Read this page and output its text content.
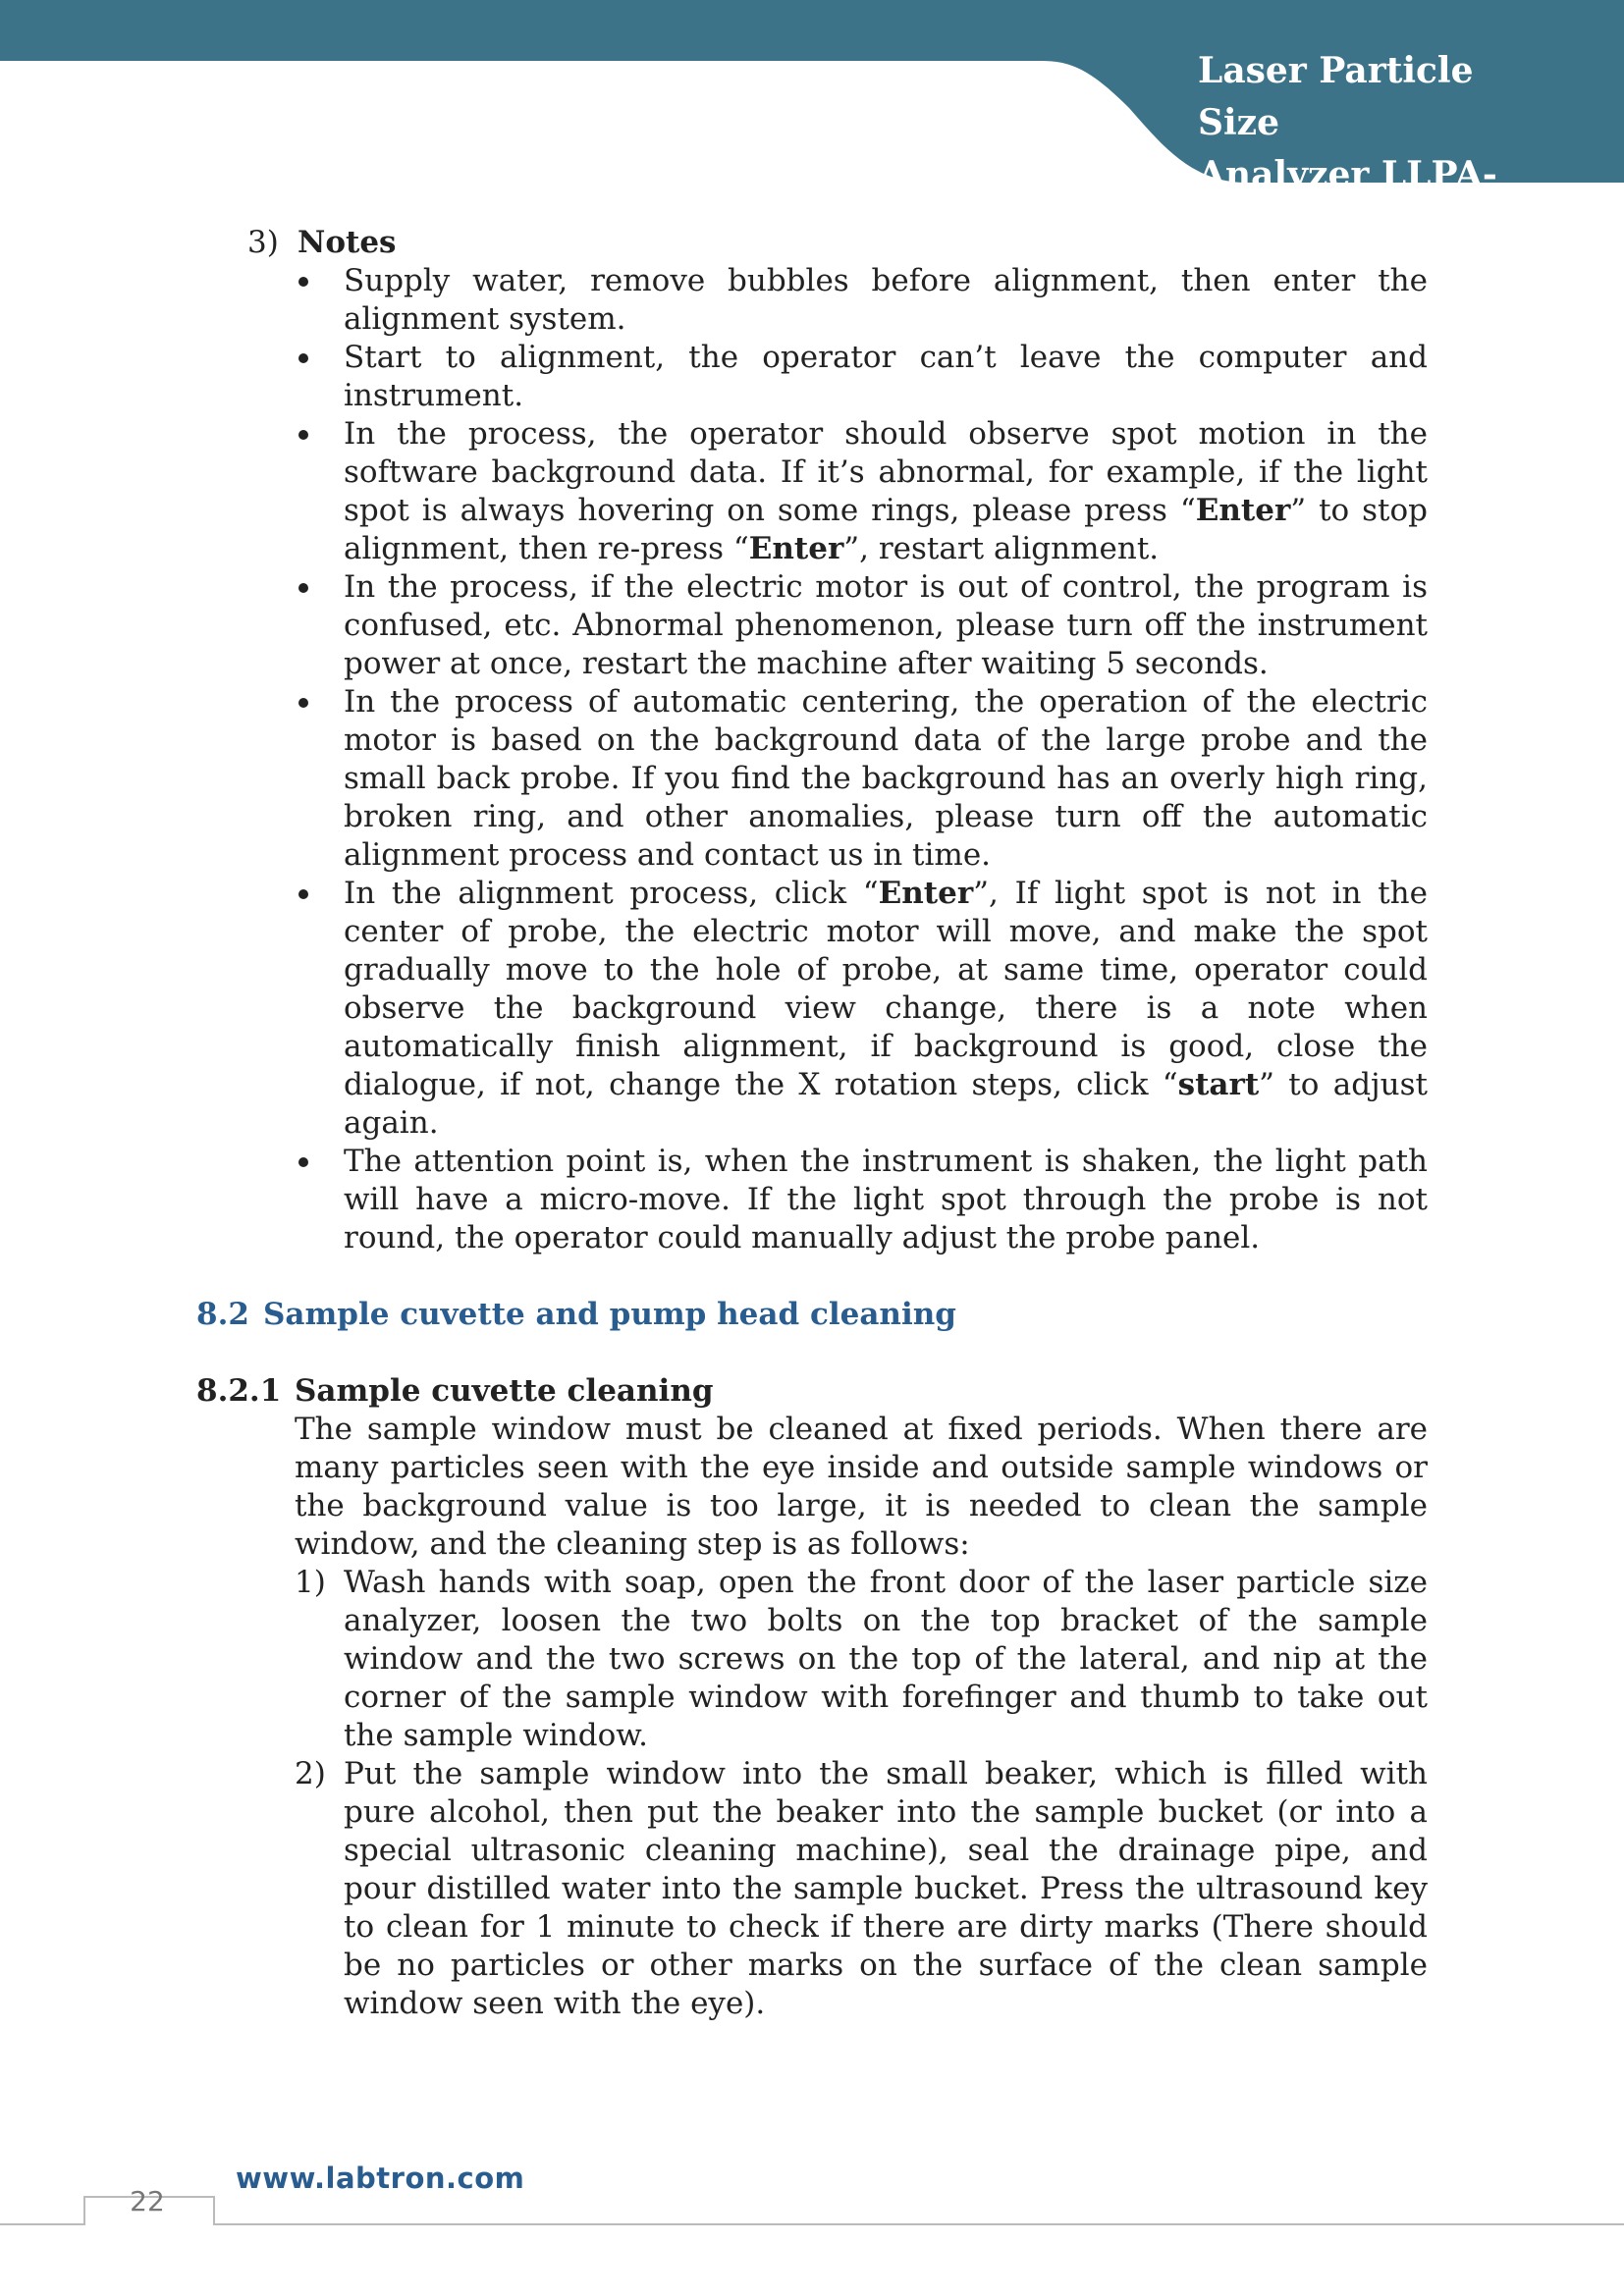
Laser Particle Size
Analyzer LLPA-A12
3) Notes
Supply water, remove bubbles before alignment, then enter the alignment system.
Start to alignment, the operator can’t leave the computer and instrument.
In the process, the operator should observe spot motion in the software background data. If it’s abnormal, for example, if the light spot is always hovering on some rings, please press “Enter” to stop alignment, then re-press “Enter”, restart alignment.
In the process, if the electric motor is out of control, the program is confused, etc. Abnormal phenomenon, please turn off the instrument power at once, restart the machine after waiting 5 seconds.
In the process of automatic centering, the operation of the electric motor is based on the background data of the large probe and the small back probe. If you find the background has an overly high ring, broken ring, and other anomalies, please turn off the automatic alignment process and contact us in time.
In the alignment process, click “Enter”, If light spot is not in the center of probe, the electric motor will move, and make the spot gradually move to the hole of probe, at same time, operator could observe the background view change, there is a note when automatically finish alignment, if background is good, close the dialogue, if not, change the X rotation steps, click “start” to adjust again.
The attention point is, when the instrument is shaken, the light path will have a micro-move. If the light spot through the probe is not round, the operator could manually adjust the probe panel.
8.2 Sample cuvette and pump head cleaning
8.2.1 Sample cuvette cleaning
The sample window must be cleaned at fixed periods. When there are many particles seen with the eye inside and outside sample windows or the background value is too large, it is needed to clean the sample window, and the cleaning step is as follows:
1) Wash hands with soap, open the front door of the laser particle size analyzer, loosen the two bolts on the top bracket of the sample window and the two screws on the top of the lateral, and nip at the corner of the sample window with forefinger and thumb to take out the sample window.
2) Put the sample window into the small beaker, which is filled with pure alcohol, then put the beaker into the sample bucket (or into a special ultrasonic cleaning machine), seal the drainage pipe, and pour distilled water into the sample bucket. Press the ultrasound key to clean for 1 minute to check if there are dirty marks (There should be no particles or other marks on the surface of the clean sample window seen with the eye).
22
www.labtron.com
